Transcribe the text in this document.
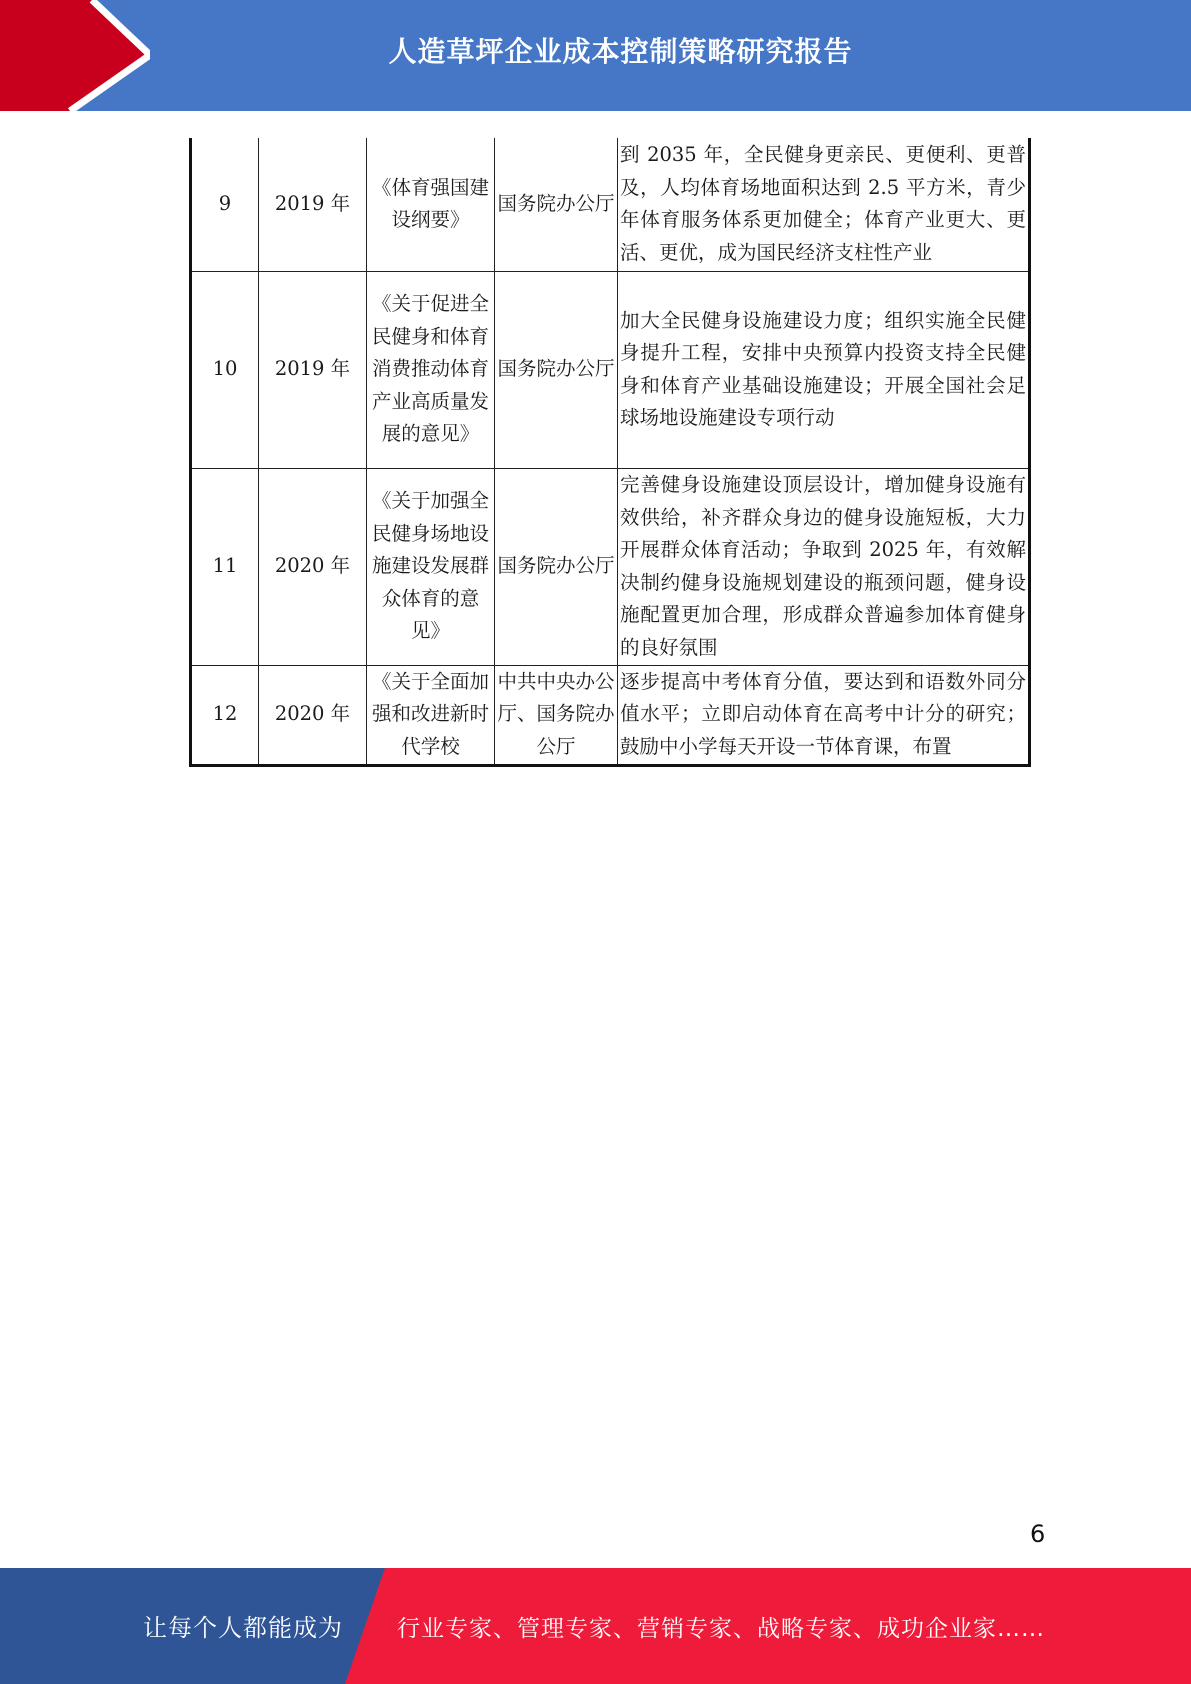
人造草坪企业成本控制策略研究报告
9	2019 年	《体育强国建设纲要》	国务院办公厅	到 2035 年，全民健身更亲民、更便利、更普及，人均体育场地面积达到 2.5 平方米，青少年体育服务体系更加健全；体育产业更大、更活、更优，成为国民经济支柱性产业
10	2019 年	《关于促进全民健身和体育消费推动体育产业高质量发展的意见》	国务院办公厅	加大全民健身设施建设力度；组织实施全民健身提升工程，安排中央预算内投资支持全民健身和体育产业基础设施建设；开展全国社会足球场地设施建设专项行动
11	2020 年	《关于加强全民健身场地设施建设发展群众体育的意见》	国务院办公厅	完善健身设施建设顶层设计，增加健身设施有效供给，补齐群众身边的健身设施短板，大力开展群众体育活动；争取到 2025 年，有效解决制约健身设施规划建设的瓶颈问题，健身设施配置更加合理，形成群众普遍参加体育健身的良好氛围
12	2020 年	《关于全面加强和改进新时代学校	中共中央办公厅、国务院办公厅	逐步提高中考体育分值，要达到和语数外同分值水平；立即启动体育在高考中计分的研究；鼓励中小学每天开设一节体育课，布置
6
让每个人都能成为 行业专家、管理专家、营销专家、战略专家、成功企业家……
